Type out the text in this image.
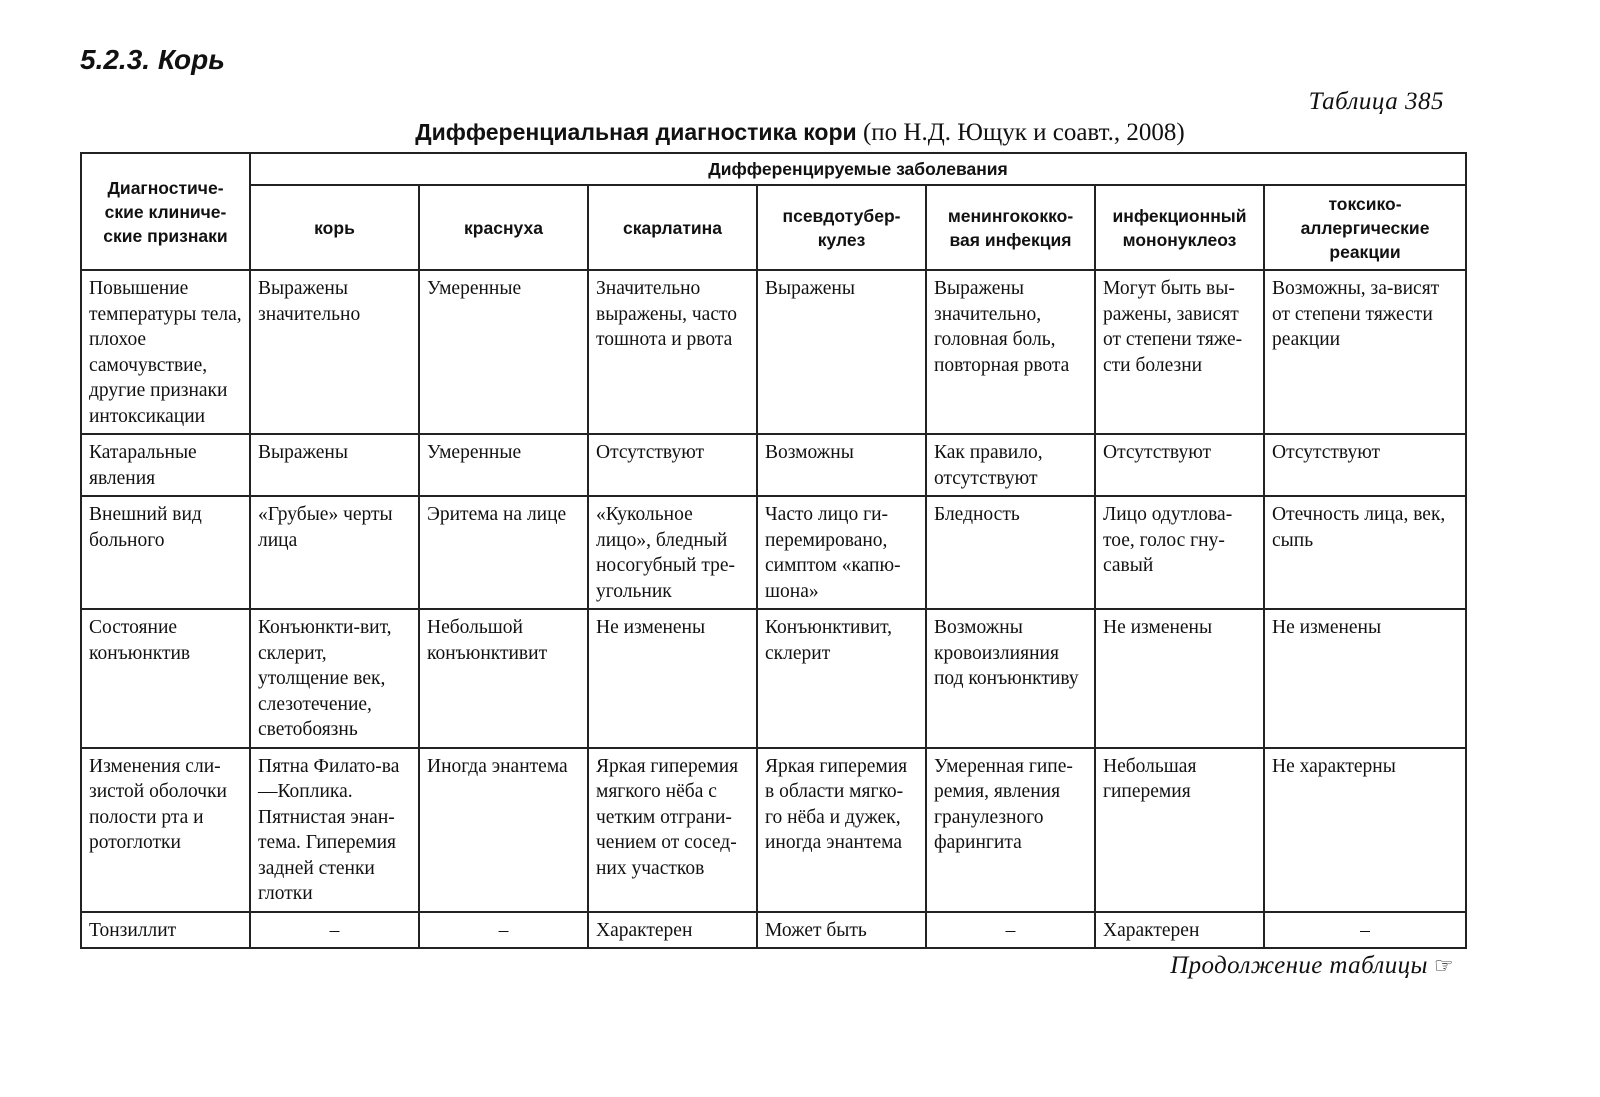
5.2.3. Корь
Таблица 385
Дифференциальная диагностика кори (по Н.Д. Ющук и соавт., 2008)
Диагностиче-ские клиниче-ские признаки	Дифференцируемые заболевания						
	корь	краснуха	скарлатина	псевдотубер-кулез	менингококко-вая инфекция	инфекционный мононуклеоз	токсико-аллергические реакции
Повышение температуры тела, плохое самочувствие, другие признаки интоксикации	Выражены значительно	Умеренные	Значительно выражены, часто тошнота и рвота	Выражены	Выражены значительно, головная боль, повторная рвота	Могут быть вы-ражены, зависят от степени тяже-сти болезни	Возможны, за-висят от степени тяжести реакции
Катаральные явления	Выражены	Умеренные	Отсутствуют	Возможны	Как правило, отсутствуют	Отсутствуют	Отсутствуют
Внешний вид больного	«Грубые» черты лица	Эритема на лице	«Кукольное лицо», бледный носогубный тре-угольник	Часто лицо ги-перемировано, симптом «капю-шона»	Бледность	Лицо одутлова-тое, голос гну-савый	Отечность лица, век, сыпь
Состояние конъюнктив	Конъюнкти-вит, склерит, утолщение век, слезотечение, светобоязнь	Небольшой конъюнктивит	Не изменены	Конъюнктивит, склерит	Возможны кровоизлияния под конъюнктиву	Не изменены	Не изменены
Изменения сли-зистой оболочки полости рта и ротоглотки	Пятна Филато-ва—Коплика. Пятнистая энан-тема. Гиперемия задней стенки глотки	Иногда энантема	Яркая гиперемия мягкого нёба с четким отграни-чением от сосед-них участков	Яркая гиперемия в области мягко-го нёба и дужек, иногда энантема	Умеренная гипе-ремия, явления гранулезного фарингита	Небольшая гиперемия	Не характерны
Тонзиллит	–	–	Характерен	Может быть	–	Характерен	–
Продолжение таблицы ☞
